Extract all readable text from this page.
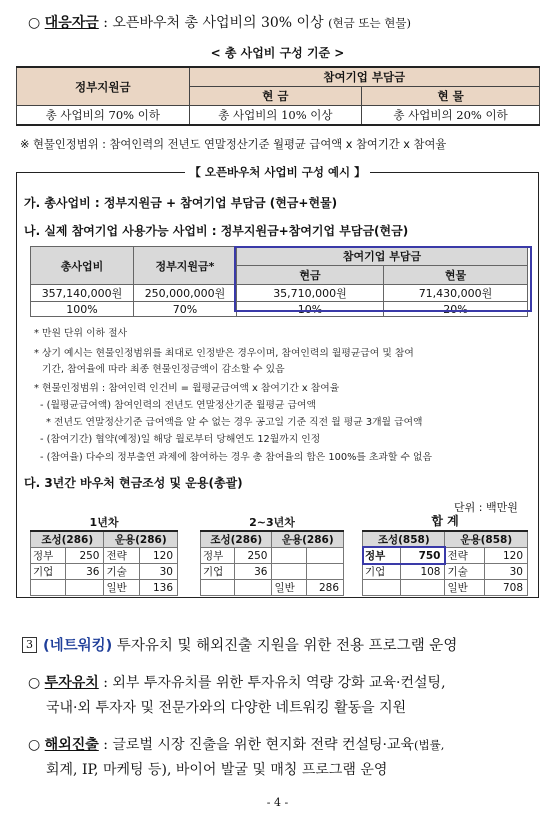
○ 대응자금 : 오픈바우처 총 사업비의 30% 이상 (현금 또는 현물)
< 총 사업비 구성 기준 >
정부지원금	참여기업 부담금	
	현 금	현 물
총 사업비의 70% 이하	총 사업비의 10% 이상	총 사업비의 20% 이하
※ 현물인정범위 : 참여인력의 전년도 연말정산기준 월평균 급여액 x 참여기간 x 참여율
【 오픈바우처 사업비 구성 예시 】
가. 총사업비 : 정부지원금 + 참여기업 부담금 (현금+현물)
나. 실제 참여기업 사용가능 사업비 : 정부지원금+참여기업 부담금(현금)
총사업비	정부지원금*	참여기업 부담금	
		현금	현물
357,140,000원	250,000,000원	35,710,000원	71,430,000원
100%	70%	10%	20%
* 만원 단위 이하 절사
* 상기 예시는 현물인정범위를 최대로 인정받은 경우이며, 참여인력의 월평균급여 및 참여
기간, 참여율에 따라 최종 현물인정금액이 감소할 수 있음
* 현물인정범위 : 참여인력 인건비 = 월평균급여액 x 참여기간 x 참여율
- (월평균급여액) 참여인력의 전년도 연말정산기준 월평균 급여액
* 전년도 연말정산기준 급여액을 알 수 없는 경우 공고일 기준 직전 월 평균 3개월 급여액
- (참여기간) 협약(예정)일 해당 월로부터 당해연도 12월까지 인정
- (참여율) 다수의 정부출연 과제에 참여하는 경우 총 참여율의 합은 100%를 초과할 수 없음
다. 3년간 바우처 현금조성 및 운용(총괄)
단위 : 백만원
1년차
조성(286)		운용(286)	
정부	250	전략	120
기업	36	기술	30
		일반	136
2~3년차
조성(286)		운용(286)	
정부	250		
기업	36		
		일반	286
합 계
조성(858)		운용(858)	
정부	750	전략	120
기업	108	기술	30
		일반	708
3 (네트워킹) 투자유치 및 해외진출 지원을 위한 전용 프로그램 운영
○ 투자유치 : 외부 투자유치를 위한 투자유치 역량 강화 교육·컨설팅,
국내·외 투자자 및 전문가와의 다양한 네트워킹 활동을 지원
○ 해외진출 : 글로벌 시장 진출을 위한 현지화 전략 컨설팅·교육(법률,
회계, IP, 마케팅 등), 바이어 발굴 및 매칭 프로그램 운영
- 4 -
